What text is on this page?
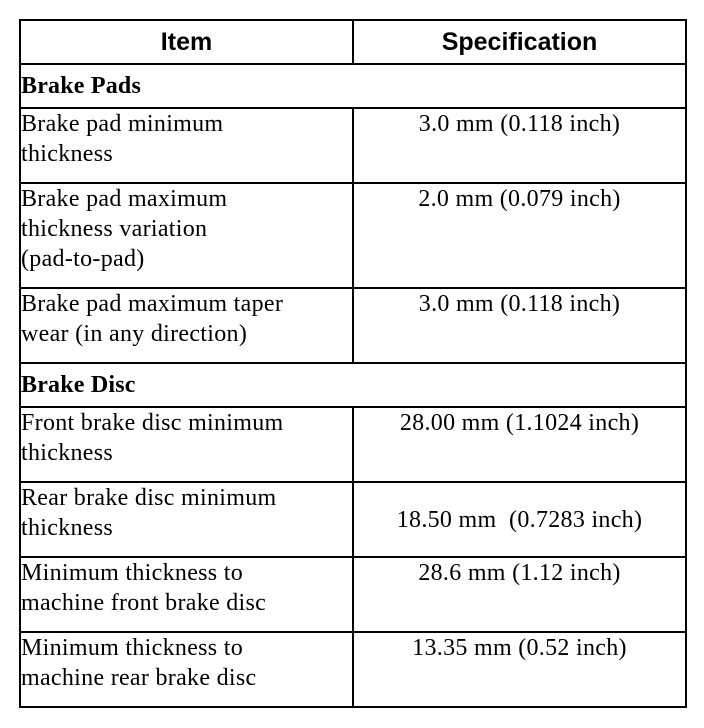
Item	Specification
Brake Pads	
Brake pad minimum
thickness	3.0 mm (0.118 inch)
Brake pad maximum
thickness variation
(pad-to-pad)	2.0 mm (0.079 inch)
Brake pad maximum taper
wear (in any direction)	3.0 mm (0.118 inch)
Brake Disc	
Front brake disc minimum
thickness	28.00 mm (1.1024 inch)
Rear brake disc minimum
thickness	18.50 mm  (0.7283 inch)
Minimum thickness to
machine front brake disc	28.6 mm (1.12 inch)
Minimum thickness to
machine rear brake disc	13.35 mm (0.52 inch)
